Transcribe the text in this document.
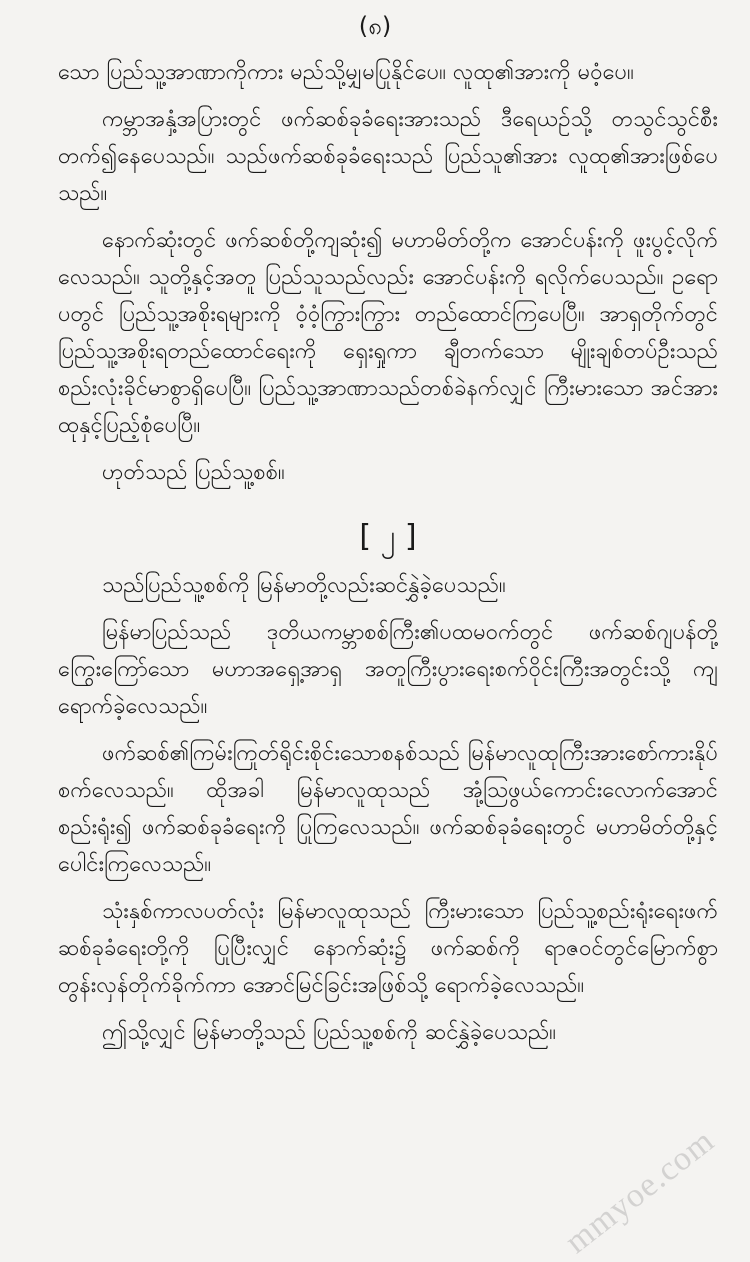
(၈)

သော ပြည်သူ့အာဏာကိုကား မည်သို့မျှမပြုနိုင်ပေ။ လူထု၏အားကို မဝံ့ပေ။

ကမ္ဘာအနှံ့အပြားတွင် ဖက်ဆစ်ခုခံရေးအားသည် ဒီရေယဉ်သို့ တသွင်သွင်စီးတက်၍နေပေသည်။ သည်ဖက်ဆစ်ခုခံရေးသည် ပြည်သူ၏အား လူထု၏အားဖြစ်ပေသည်။

နောက်ဆုံးတွင် ဖက်ဆစ်တို့ကျဆုံး၍ မဟာမိတ်တို့က အောင်ပန်းကို ဖူးပွင့်လိုက်လေသည်။ သူတို့နှင့်အတူ ပြည်သူသည်လည်း အောင်ပန်းကို ရလိုက်ပေသည်။ ဥရောပတွင် ပြည်သူ့အစိုးရများကို ဝံ့ဝံ့ကြွားကြွား တည်ထောင်ကြပေပြီ။ အာရှတိုက်တွင် ပြည်သူ့အစိုးရတည်ထောင်ရေးကို ရှေးရှုကာ ချီတက်သော မျိုးချစ်တပ်ဦးသည် စည်းလုံးခိုင်မာစွာရှိပေပြီ။ ပြည်သူ့အာဏာသည်တစ်ခဲနက်လျှင် ကြီးမားသော အင်အားထုနှင့်ပြည့်စုံပေပြီ။

ဟုတ်သည် ပြည်သူ့စစ်။

[ ၂ ]

သည်ပြည်သူ့စစ်ကို မြန်မာတို့လည်းဆင်နွှဲခဲ့ပေသည်။

မြန်မာပြည်သည် ဒုတိယကမ္ဘာစစ်ကြီး၏ပထမဝက်တွင် ဖက်ဆစ်ဂျပန်တို့ကြွေးကြော်သော မဟာအရှေ့အာရှ အတူကြီးပွားရေးစက်ဝိုင်းကြီးအတွင်းသို့ ကျရောက်ခဲ့လေသည်။

ဖက်ဆစ်၏ကြမ်းကြုတ်ရိုင်းစိုင်းသောစနစ်သည် မြန်မာလူထုကြီးအားစော်ကားနိုပ်စက်လေသည်။ ထိုအခါ မြန်မာလူထုသည် အုံ့သြဖွယ်ကောင်းလောက်အောင် စည်းရုံး၍ ဖက်ဆစ်ခုခံရေးကို ပြုကြလေသည်။ ဖက်ဆစ်ခုခံရေးတွင် မဟာမိတ်တို့နှင့် ပေါင်းကြလေသည်။

သုံးနှစ်ကာလပတ်လုံး မြန်မာလူထုသည် ကြီးမားသော ပြည်သူ့စည်းရုံးရေးဖက်ဆစ်ခုခံရေးတို့ကို ပြုပြီးလျှင် နောက်ဆုံး၌ ဖက်ဆစ်ကို ရာဇဝင်တွင်မြောက်စွာ တွန်းလှန်တိုက်ခိုက်ကာ အောင်မြင်ခြင်းအဖြစ်သို့ ရောက်ခဲ့လေသည်။

ဤသို့လျှင် မြန်မာတို့သည် ပြည်သူ့စစ်ကို ဆင်နွှဲခဲ့ပေသည်။

mmyoe.com
